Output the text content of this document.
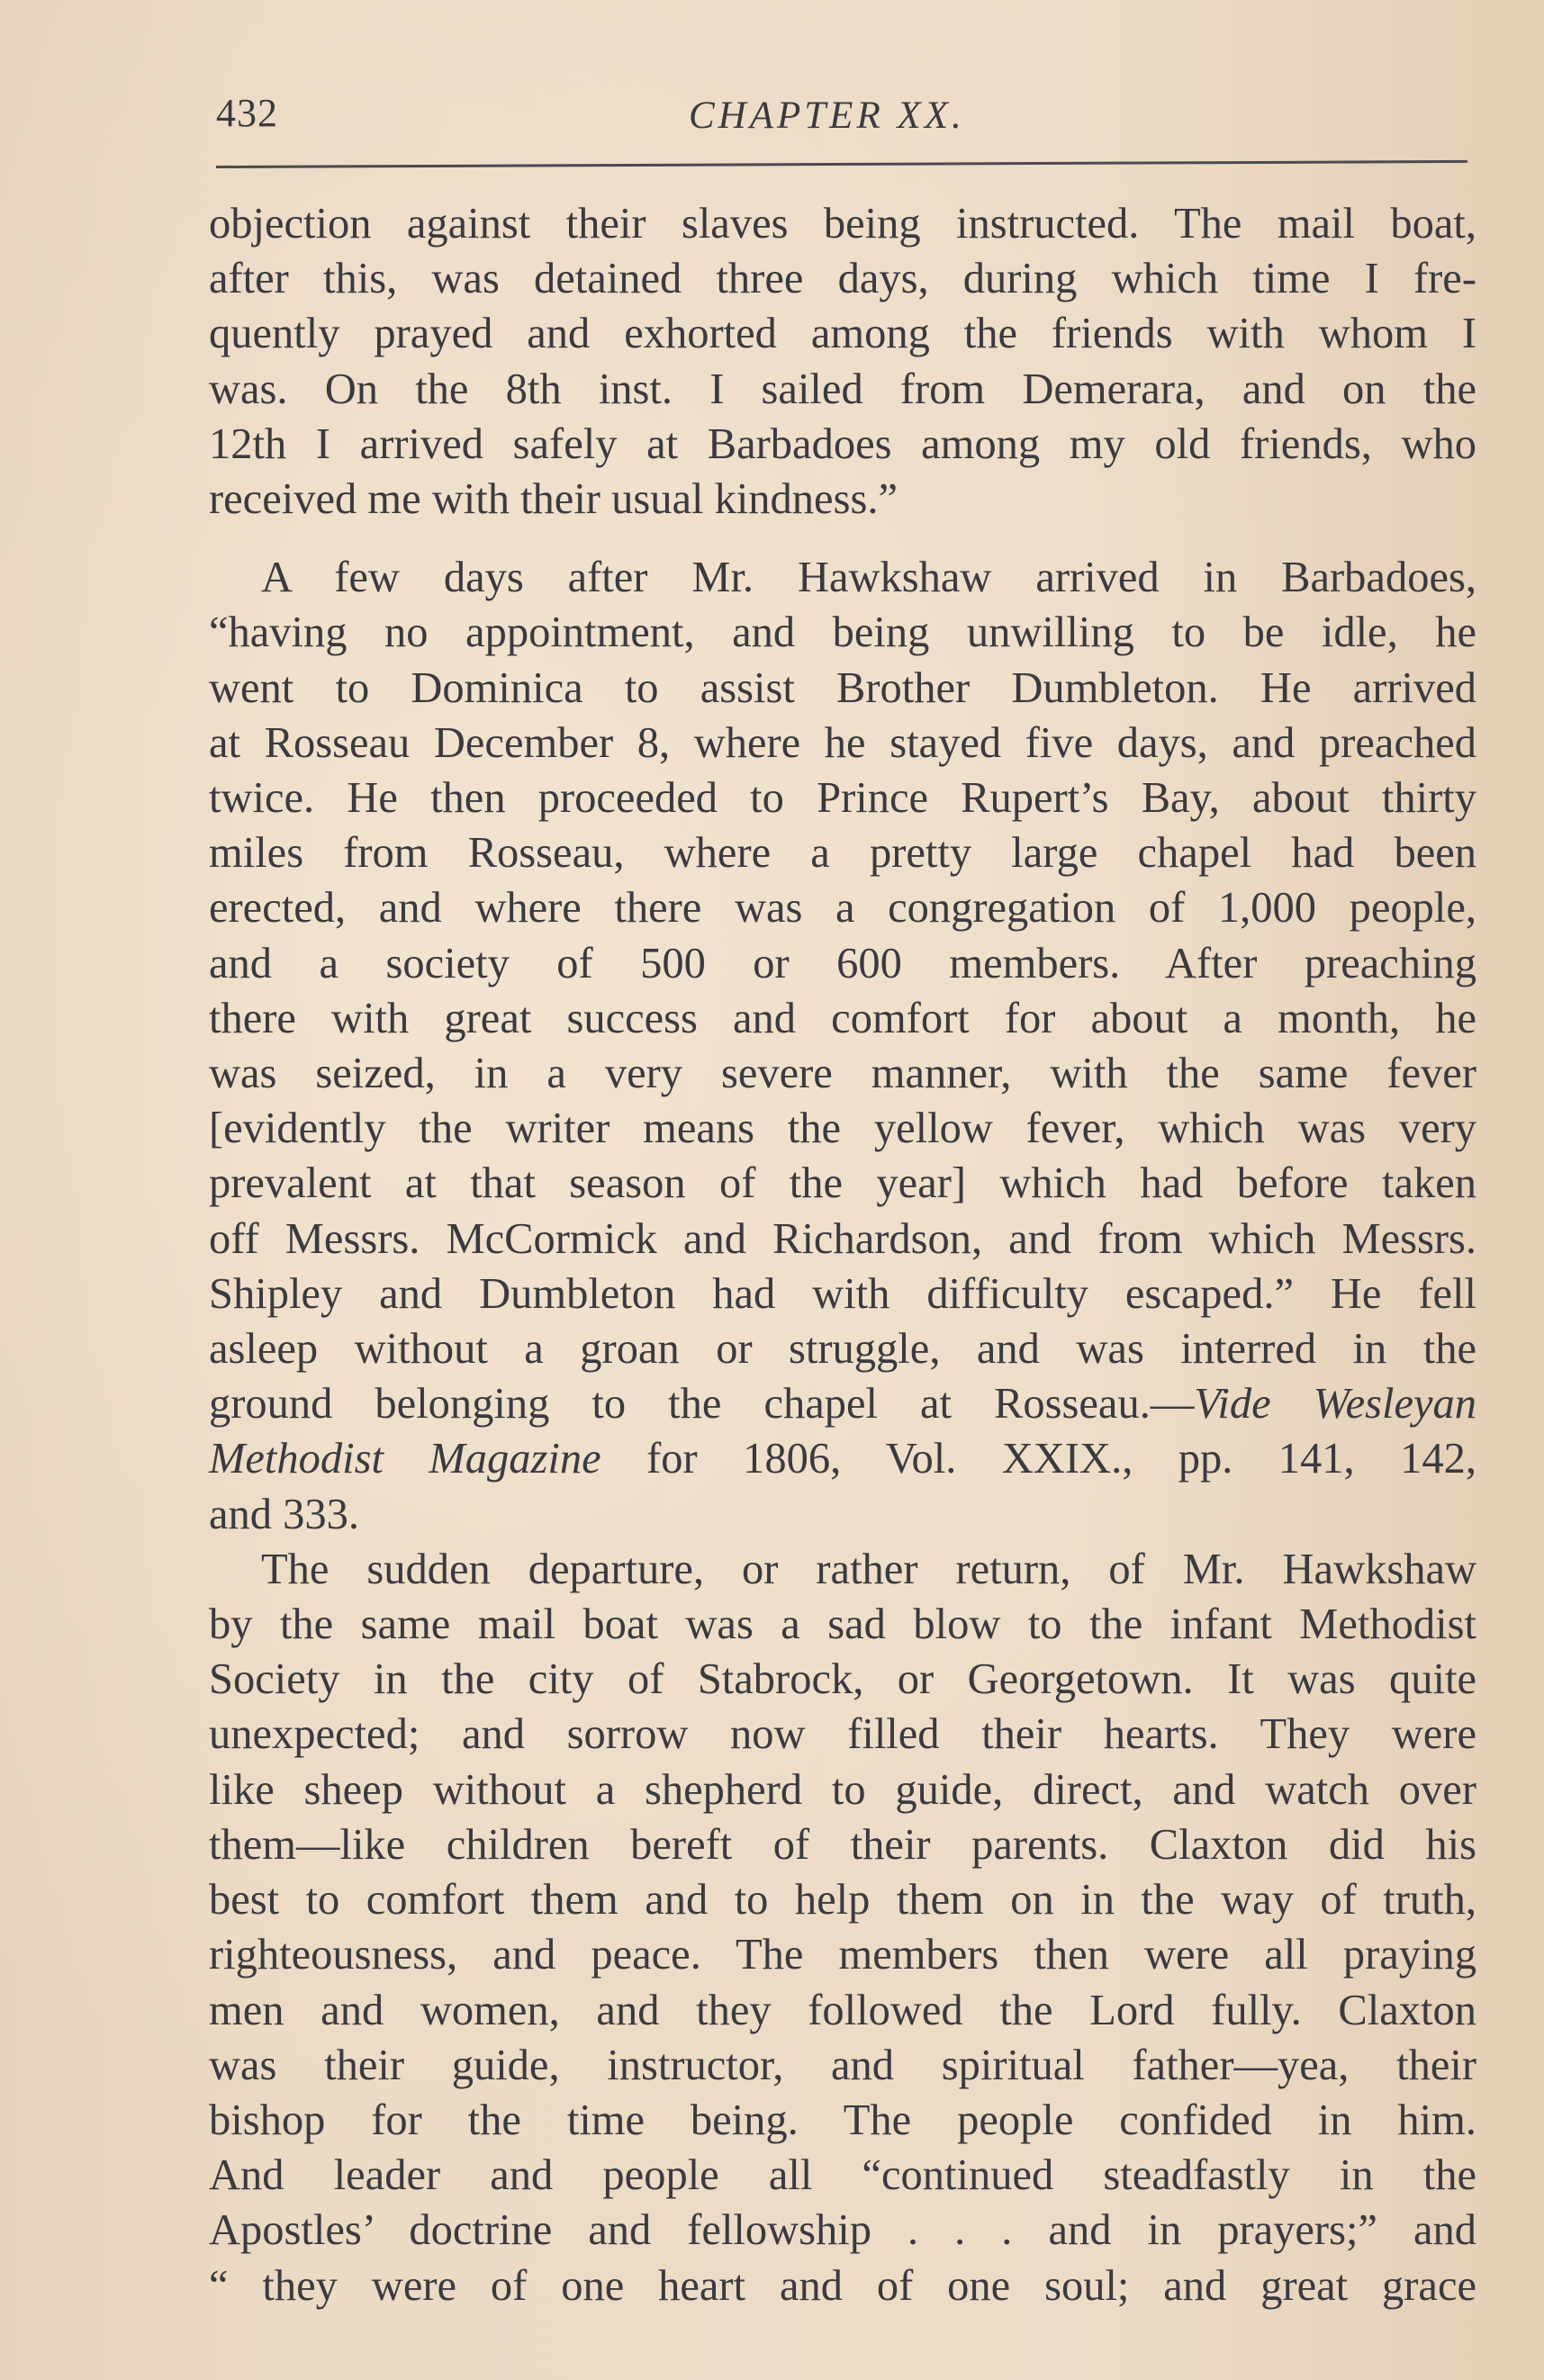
432	CHAPTER XX.
objection against their slaves being instructed. The mail boat,
after this, was detained three days, during which time I fre-
quently prayed and exhorted among the friends with whom I
was. On the 8th inst. I sailed from Demerara, and on the
12th I arrived safely at Barbadoes among my old friends, who
received me with their usual kindness.”
A few days after Mr. Hawkshaw arrived in Barbadoes,
“having no appointment, and being unwilling to be idle, he
went to Dominica to assist Brother Dumbleton. He arrived
at Rosseau December 8, where he stayed five days, and preached
twice. He then proceeded to Prince Rupert’s Bay, about thirty
miles from Rosseau, where a pretty large chapel had been
erected, and where there was a congregation of 1,000 people,
and a society of 500 or 600 members. After preaching
there with great success and comfort for about a month, he
was seized, in a very severe manner, with the same fever
[evidently the writer means the yellow fever, which was very
prevalent at that season of the year] which had before taken
off Messrs. McCormick and Richardson, and from which Messrs.
Shipley and Dumbleton had with difficulty escaped.” He fell
asleep without a groan or struggle, and was interred in the
ground belonging to the chapel at Rosseau.—Vide Wesleyan
Methodist Magazine for 1806, Vol. XXIX., pp. 141, 142,
and 333.
The sudden departure, or rather return, of Mr. Hawkshaw
by the same mail boat was a sad blow to the infant Methodist
Society in the city of Stabrock, or Georgetown. It was quite
unexpected; and sorrow now filled their hearts. They were
like sheep without a shepherd to guide, direct, and watch over
them—like children bereft of their parents. Claxton did his
best to comfort them and to help them on in the way of truth,
righteousness, and peace. The members then were all praying
men and women, and they followed the Lord fully. Claxton
was their guide, instructor, and spiritual father—yea, their
bishop for the time being. The people confided in him.
And leader and people all “continued steadfastly in the
Apostles’ doctrine and fellowship . . . and in prayers;” and
“ they were of one heart and of one soul; and great grace
